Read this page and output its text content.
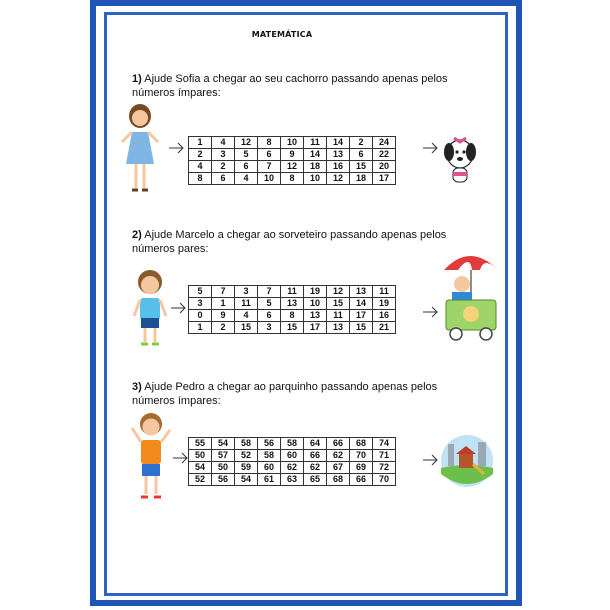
MATEMÁTICA
1) Ajude Sofia a chegar ao seu cachorro passando apenas pelos números ímpares:
1	4	12	8	10	11	14	2	24
2	3	5	6	9	14	13	6	22
4	2	6	7	12	18	16	15	20
8	6	4	10	8	10	12	18	17
2) Ajude Marcelo a chegar ao sorveteiro passando apenas pelos números pares:
5	7	3	7	11	19	12	13	11
3	1	11	5	13	10	15	14	19
0	9	4	6	8	13	11	17	16
1	2	15	3	15	17	13	15	21
3) Ajude Pedro a chegar ao parquinho passando apenas pelos números ímpares:
55	54	58	56	58	64	66	68	74
50	57	52	58	60	66	62	70	71
54	50	59	60	62	62	67	69	72
52	56	54	61	63	65	68	66	70
